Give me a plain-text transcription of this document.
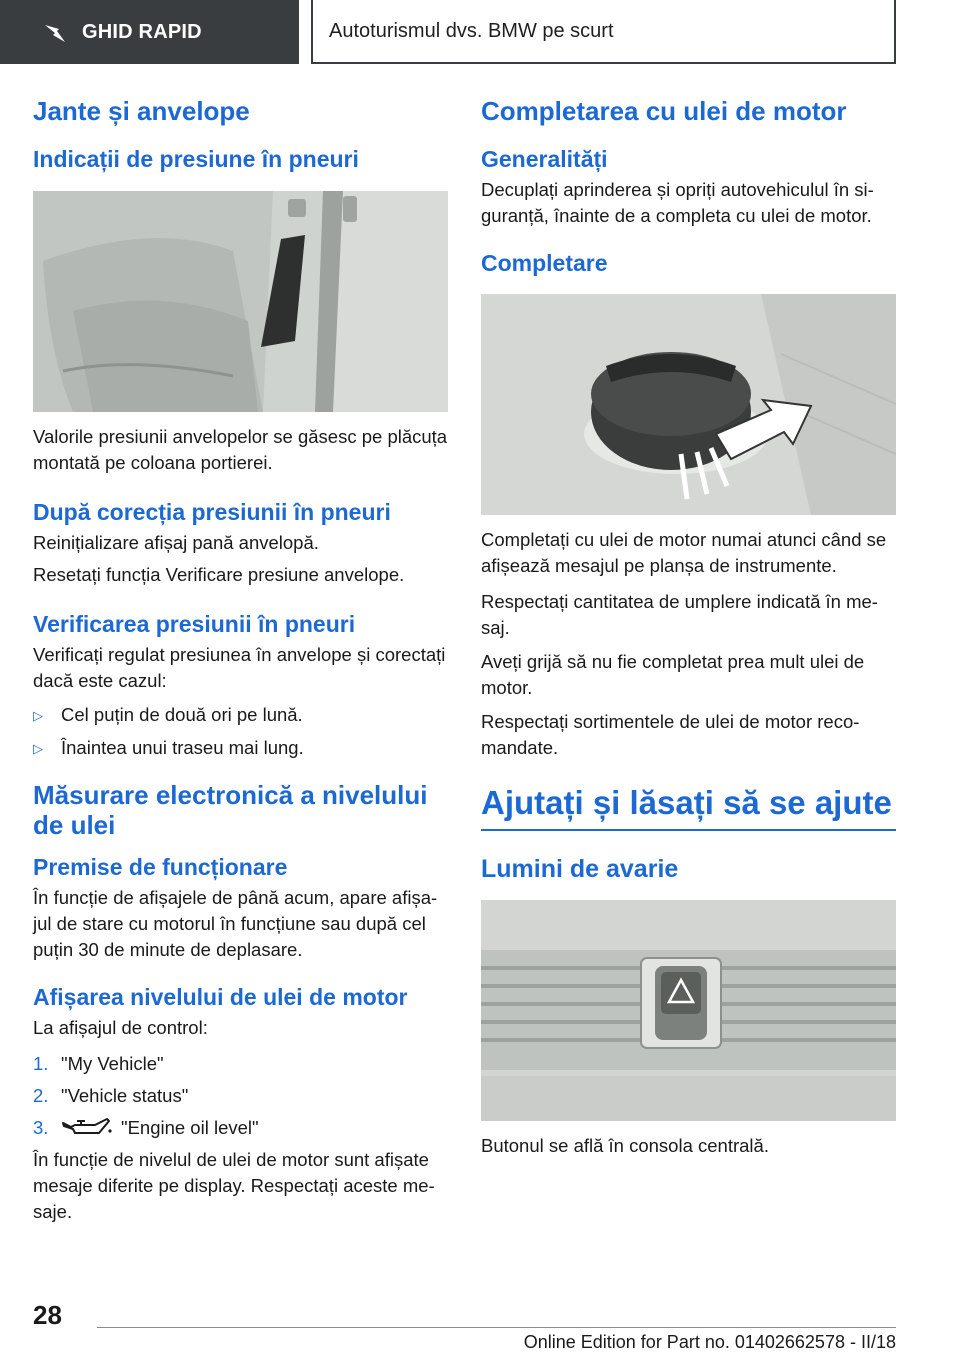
GHID RAPID	Autoturismul dvs. BMW pe scurt
Jante și anvelope
Indicații de presiune în pneuri

Valorile presiunii anvelopelor se găsesc pe plăcuța montată pe coloana portierei.

După corecția presiunii în pneuri

Reinițializare afișaj pană anvelopă.

Resetați funcția Verificare presiune anvelope.

Verificarea presiunii în pneuri

Verificați regulat presiunea în anvelope și corectați dacă este cazul:

▷ Cel puțin de două ori pe lună.
▷ Înaintea unui traseu mai lung.
Măsurare electronică a nivelului de ulei
Premise de funcționare

În funcție de afișajele de până acum, apare afișajul de stare cu motorul în funcțiune sau după cel puțin 30 de minute de deplasare.

Afișarea nivelului de ulei de motor

La afișajul de control:

1. "My Vehicle"
2. "Vehicle status"
3.	"Engine oil level"

În funcție de nivelul de ulei de motor sunt afișate mesaje diferite pe display. Respectați aceste mesaje.

Completarea cu ulei de motor
Generalități

Decuplați aprinderea și opriți autovehiculul în siguranță, înainte de a completa cu ulei de motor.

Completare

Completați cu ulei de motor numai atunci când se afișează mesajul pe planșa de instrumente.

Respectați cantitatea de umplere indicată în mesaj.

Aveți grijă să nu fie completat prea mult ulei de motor.

Respectați sortimentele de ulei de motor recomandate.

Ajutați și lăsați să se ajute
Lumini de avarie

Butonul se află în consola centrală.

28
Online Edition for Part no. 01402662578 - II/18
